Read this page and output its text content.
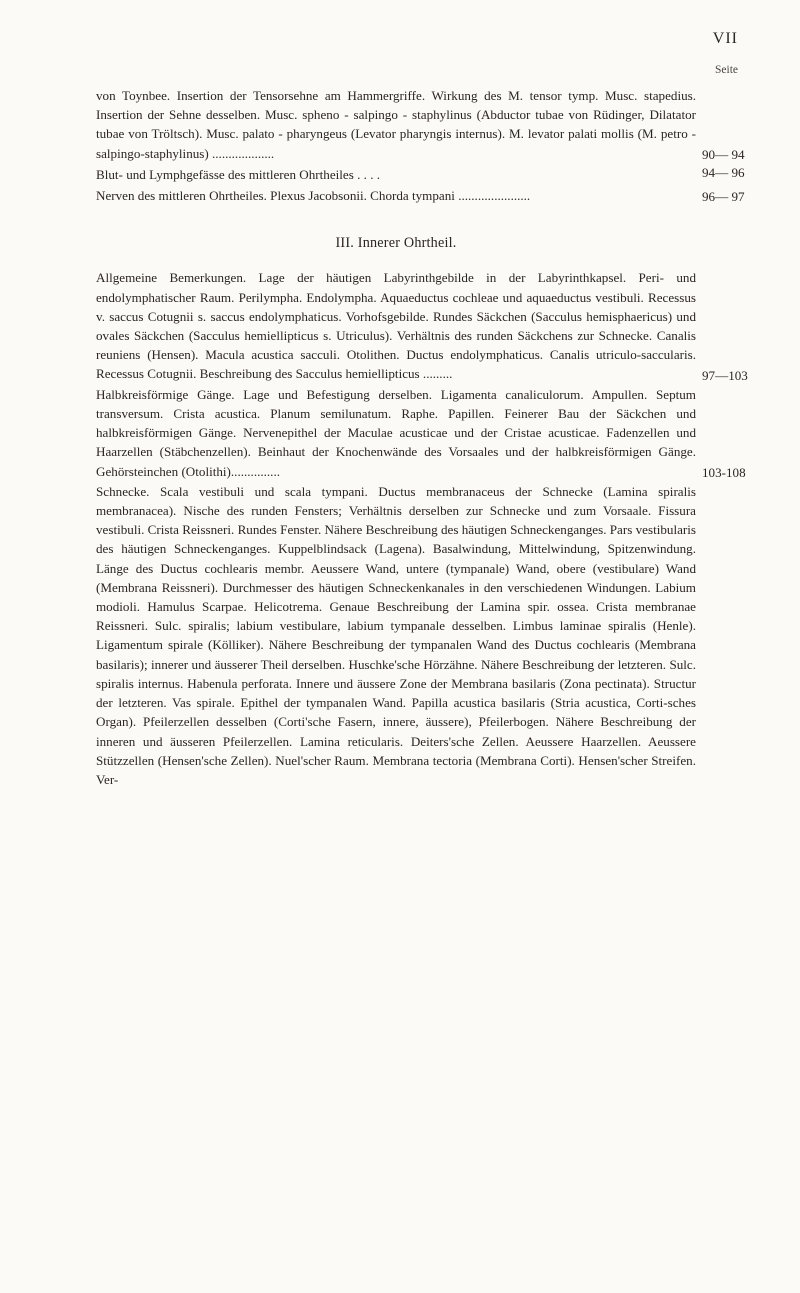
VII
Seite
von Toynbee. Insertion der Tensorsehne am Hammergriffe. Wirkung des M. tensor tymp. Musc. stapedius. Insertion der Sehne desselben. Musc. spheno - salpingo - staphylinus (Abductor tubae von Rüdinger, Dilatator tubae von Tröltsch). Musc. palato - pharyngeus (Levator pharyngis internus). M. levator palati mollis (M. petro - salpingo-staphylinus) ...................	90— 94
Blut- und Lymphgefässe des mittleren Ohrtheiles . . . .	94— 96
Nerven des mittleren Ohrtheiles. Plexus Jacobsonii. Chorda tympani ......................	96— 97
III. Innerer Ohrtheil.
Allgemeine Bemerkungen. Lage der häutigen Labyrinthgebilde in der Labyrinthkapsel. Peri- und endolymphatischer Raum. Perilympha. Endolympha. Aquaeductus cochleae und aquaeductus vestibuli. Recessus v. saccus Cotugnii s. saccus endolymphaticus. Vorhofsgebilde. Rundes Säckchen (Sacculus hemisphaericus) und ovales Säckchen (Sacculus hemiellipticus s. Utriculus). Verhältnis des runden Säckchens zur Schnecke. Canalis reuniens (Hensen). Macula acustica sacculi. Otolithen. Ductus endolymphaticus. Canalis utriculo-saccularis. Recessus Cotugnii. Beschreibung des Sacculus hemiellipticus .........	97—103
Halbkreisförmige Gänge. Lage und Befestigung derselben. Ligamenta canaliculorum. Ampullen. Septum transversum. Crista acustica. Planum semilunatum. Raphe. Papillen. Feinerer Bau der Säckchen und halbkreisförmigen Gänge. Nervenepithel der Maculae acusticae und der Cristae acusticae. Fadenzellen und Haarzellen (Stäbchenzellen). Beinhaut der Knochenwände des Vorsaales und der halbkreisförmigen Gänge. Gehörsteinchen (Otolithi)...............	103-108
Schnecke. Scala vestibuli und scala tympani. Ductus membranaceus der Schnecke (Lamina spiralis membranacea). Nische des runden Fensters; Verhältnis derselben zur Schnecke und zum Vorsaale. Fissura vestibuli. Crista Reissneri. Rundes Fenster. Nähere Beschreibung des häutigen Schneckenganges. Pars vestibularis des häutigen Schneckenganges. Kuppelblindsack (Lagena). Basalwindung, Mittelwindung, Spitzenwindung. Länge des Ductus cochlearis membr. Aeussere Wand, untere (tympanale) Wand, obere (vestibulare) Wand (Membrana Reissneri). Durchmesser des häutigen Schneckenkanales in den verschiedenen Windungen. Labium modioli. Hamulus Scarpae. Helicotrema. Genaue Beschreibung der Lamina spir. ossea. Crista membranae Reissneri. Sulc. spiralis; labium vestibulare, labium tympanale desselben. Limbus laminae spiralis (Henle). Ligamentum spirale (Kölliker). Nähere Beschreibung der tympanalen Wand des Ductus cochlearis (Membrana basilaris); innerer und äusserer Theil derselben. Huschke'sche Hörzähne. Nähere Beschreibung der letzteren. Sulc. spiralis internus. Habenula perforata. Innere und äussere Zone der Membrana basilaris (Zona pectinata). Structur der letzteren. Vas spirale. Epithel der tympanalen Wand. Papilla acustica basilaris (Stria acustica, Corti-sches Organ). Pfeilerzellen desselben (Corti'sche Fasern, innere, äussere), Pfeilerbogen. Nähere Beschreibung der inneren und äusseren Pfeilerzellen. Lamina reticularis. Deiters'sche Zellen. Aeussere Haarzellen. Aeussere Stützzellen (Hensen'sche Zellen). Nuel'scher Raum. Membrana tectoria (Membrana Corti). Hensen'scher Streifen. Ver-
